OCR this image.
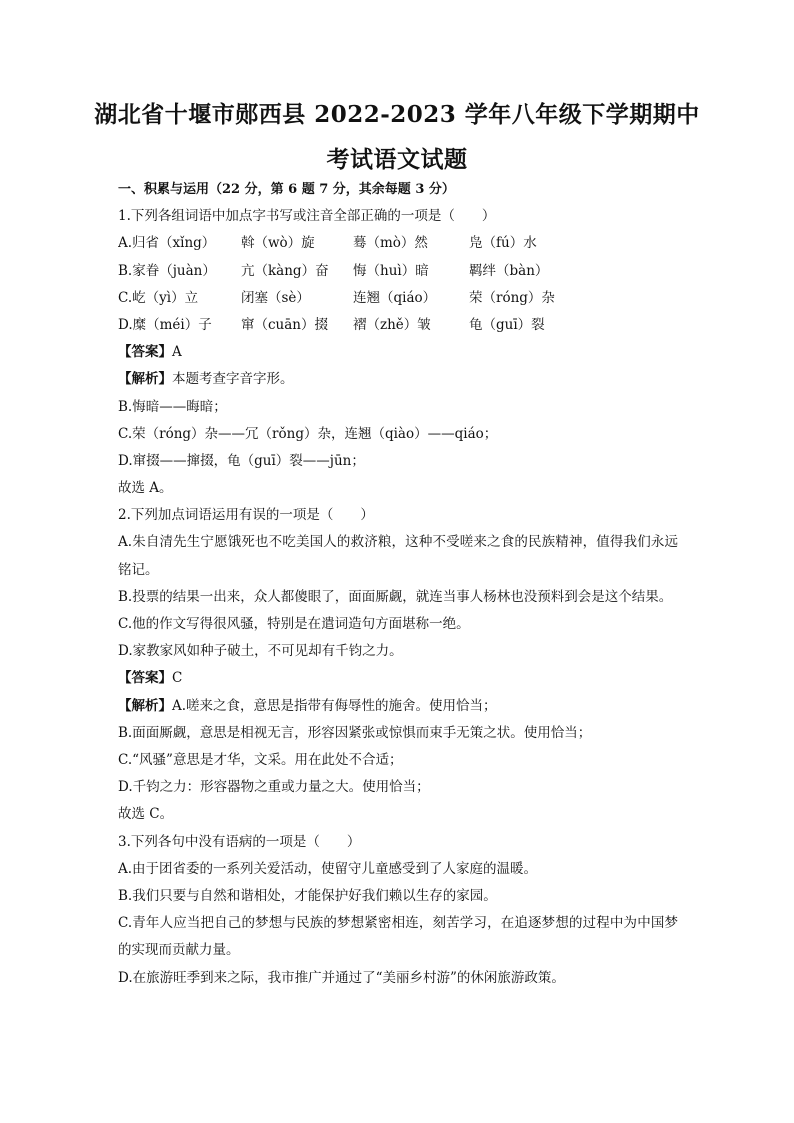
湖北省十堰市郧西县 2022-2023 学年八年级下学期期中
考试语文试题
一、积累与运用（22 分，第 6 题 7 分，其余每题 3 分）
1.下列各组词语中加点字书写或注音全部正确的一项是（　　）
A.归省（xǐng） 斡（wò）旋	蓦（mò）然	凫（fú）水
B.家眷（juàn） 亢（kàng）奋 悔（huì）暗	羁绊（bàn）
C.屹（yì）立	闭塞（sè）	连翘（qiáo） 荣（róng）杂
D.糜（méi）子 窜（cuān）掇 褶（zhě）皱	龟（guī）裂
【答案】A
【解析】本题考查字音字形。
B.悔暗——晦暗；
C.荣（róng）杂——冗（rǒng）杂，连翘（qiào）——qiáo；
D.窜掇——撺掇，龟（guī）裂——jūn；
故选 A。
2.下列加点词语运用有误的一项是（　　）
A.朱自清先生宁愿饿死也不吃美国人的救济粮，这种不受嗟来之食的民族精神，值得我们永远铭记。
B.投票的结果一出来，众人都傻眼了，面面厮觑，就连当事人杨林也没预料到会是这个结果。
C.他的作文写得很风骚，特别是在遣词造句方面堪称一绝。
D.家教家风如种子破土，不可见却有千钧之力。
【答案】C
【解析】A.嗟来之食，意思是指带有侮辱性的施舍。使用恰当；
B.面面厮觑，意思是相视无言，形容因紧张或惊惧而束手无策之状。使用恰当；
C.“风骚”意思是才华，文采。用在此处不合适；
D.千钧之力：形容器物之重或力量之大。使用恰当；
故选 C。
3.下列各句中没有语病的一项是（　　）
A.由于团省委的一系列关爱活动，使留守儿童感受到了人家庭的温暖。
B.我们只要与自然和谐相处，才能保护好我们赖以生存的家园。
C.青年人应当把自己的梦想与民族的梦想紧密相连，刻苦学习，在追逐梦想的过程中为中国梦的实现而贡献力量。
D.在旅游旺季到来之际，我市推广并通过了“美丽乡村游”的休闲旅游政策。
